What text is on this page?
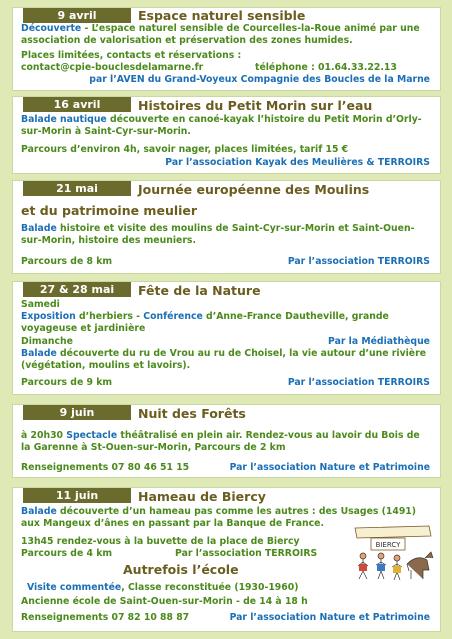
9 avril	Espace naturel sensible
Découverte - L’espace naturel sensible de Courcelles-la-Roue animé par une association de valorisation et préservation des zones humides.
Places limitées, contacts et réservations :
contact@cpie-bouclesdelamarne.fr	téléphone : 01.64.33.22.13
par l’AVEN du Grand-Voyeux Compagnie des Boucles de la Marne
16 avril	Histoires du Petit Morin sur l’eau
Balade nautique découverte en canoé-kayak l’histoire du Petit Morin d’Orly-sur-Morin à Saint-Cyr-sur-Morin.
Parcours d’environ 4h, savoir nager, places limitées, tarif 15 €
Par l’association Kayak des Meulières & TERROIRS
21 mai	Journée européenne des Moulins
et du patrimoine meulier
Balade histoire et visite des moulins de Saint-Cyr-sur-Morin et Saint-Ouen-sur-Morin, histoire des meuniers.
Parcours de 8 km	Par l’association TERROIRS
27 & 28 mai	Fête de la Nature
Samedi
Exposition d’herbiers - Conférence d’Anne-France Dautheville, grande voyageuse et jardinière
Dimanche	Par la Médiathèque
Balade découverte du ru de Vrou au ru de Choisel, la vie autour d’une rivière (végétation, moulins et lavoirs).
Parcours de 9 km	Par l’association TERROIRS
9 juin	Nuit des Forêts
à 20h30 Spectacle théâtralisé en plein air. Rendez-vous au lavoir du Bois de la Garenne à St-Ouen-sur-Morin, Parcours de 2 km
Renseignements 07 80 46 51 15	Par l’association Nature et Patrimoine
11 juin	Hameau de Biercy
Balade découverte d’un hameau pas comme les autres : des Usages (1491) aux Mangeux d’ânes en passant par la Banque de France.
13h45 rendez-vous à la buvette de la place de Biercy
Parcours de 4 km	Par l’association TERROIRS
Autrefois l’école
Visite commentée, Classe reconstituée (1930-1960)
Ancienne école de Saint-Ouen-sur-Morin - de 14 à 18 h
Renseignements 07 82 10 88 87	Par l’association Nature et Patrimoine
BIERCY
